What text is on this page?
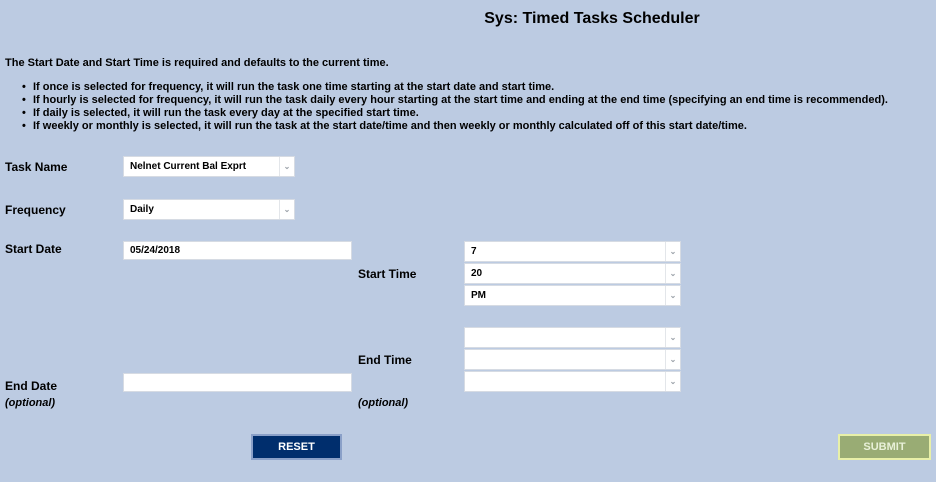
Sys: Timed Tasks Scheduler
The Start Date and Start Time is required and defaults to the current time.
• If once is selected for frequency, it will run the task one time starting at the start date and start time.
• If hourly is selected for frequency, it will run the task daily every hour starting at the start time and ending at the end time (specifying an end time is recommended).
• If daily is selected, it will run the task every day at the specified start time.
• If weekly or monthly is selected, it will run the task at the start date/time and then weekly or monthly calculated off of this start date/time.
Task Name	Nelnet Current Bal Exprt	⌄
Frequency	Daily	⌄
Start Date	05/24/2018
Start Time
7	⌄
20	⌄
PM	⌄
End Time
(optional)
⌄
⌄
⌄
End Date
(optional)
RESET	SUBMIT
